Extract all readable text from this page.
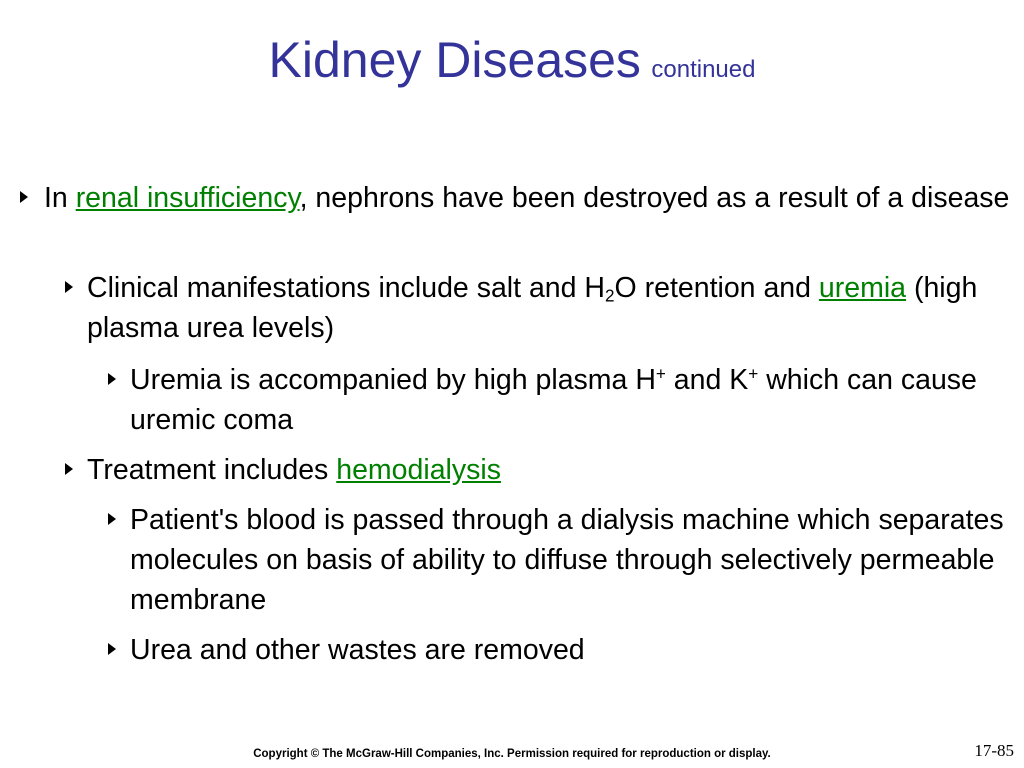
Kidney Diseases continued
In renal insufficiency, nephrons have been destroyed as a result of a disease
Clinical manifestations include salt and $H_2O$ retention and uremia (high plasma urea levels)
Uremia is accompanied by high plasma H+ and K+ which can cause uremic coma
Treatment includes hemodialysis
Patient's blood is passed through a dialysis machine which separates molecules on basis of ability to diffuse through selectively permeable membrane
Urea and other wastes are removed
Copyright © The McGraw-Hill Companies, Inc. Permission required for reproduction or display.	17-85
